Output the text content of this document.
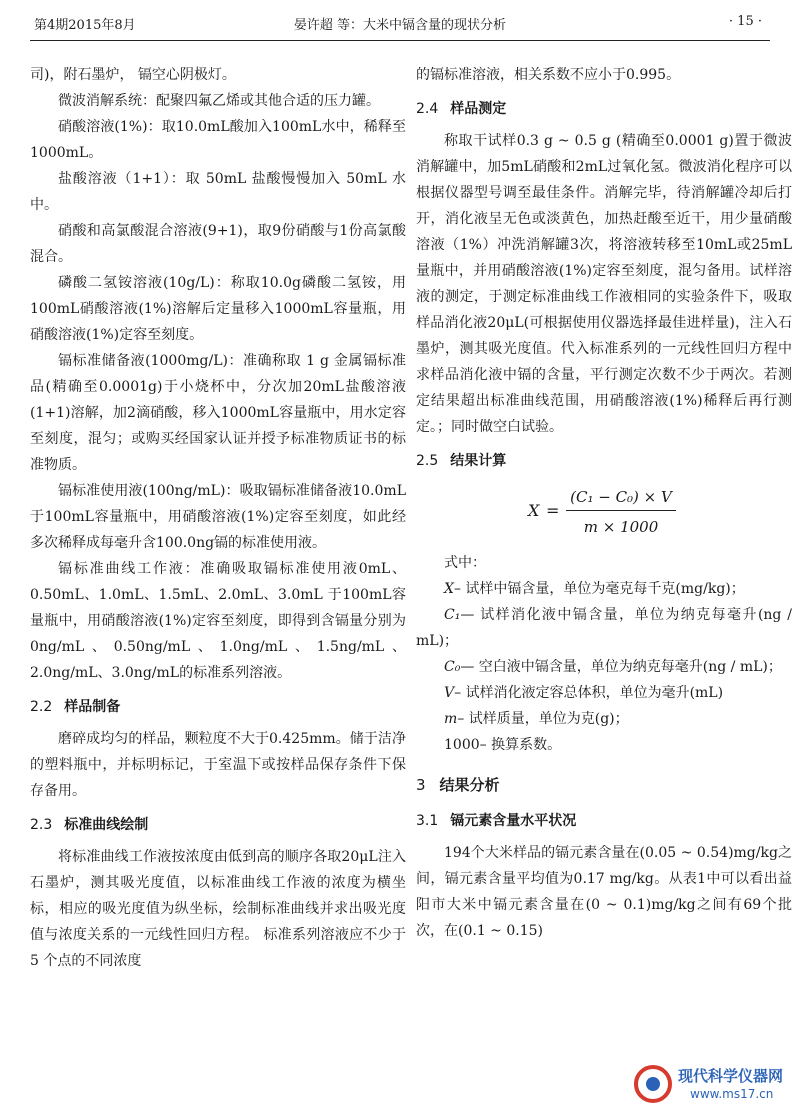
第4期2015年8月	晏许超 等：大米中镉含量的现状分析	· 15 ·

司)，附石墨炉， 镉空心阴极灯。

微波消解系统：配聚四氟乙烯或其他合适的压力罐。

硝酸溶液(1%)：取10.0mL酸加入100mL水中，稀释至1000mL。

盐酸溶液（1+1）：取 50mL 盐酸慢慢加入 50mL 水中。

硝酸和高氯酸混合溶液(9+1)，取9份硝酸与1份高氯酸混合。

磷酸二氢铵溶液(10g/L)：称取10.0g磷酸二氢铵，用100mL硝酸溶液(1%)溶解后定量移入1000mL容量瓶，用硝酸溶液(1%)定容至刻度。

镉标准储备液(1000mg/L)：准确称取 1 g 金属镉标准品(精确至0.0001g)于小烧杯中，分次加20mL盐酸溶液(1+1)溶解，加2滴硝酸，移入1000mL容量瓶中，用水定容至刻度，混匀；或购买经国家认证并授予标准物质证书的标准物质。

镉标准使用液(100ng/mL)：吸取镉标准储备液10.0mL于100mL容量瓶中，用硝酸溶液(1%)定容至刻度，如此经多次稀释成每毫升含100.0ng镉的标准使用液。

镉标准曲线工作液：准确吸取镉标准使用液0mL、0.50mL、1.0mL、1.5mL、2.0mL、3.0mL 于100mL容量瓶中，用硝酸溶液(1%)定容至刻度，即得到含镉量分别为0ng/mL、0.50ng/mL、1.0ng/mL、1.5ng/mL、2.0ng/mL、3.0ng/mL的标准系列溶液。

2.2 样品制备

磨碎成均匀的样品，颗粒度不大于0.425mm。储于洁净的塑料瓶中，并标明标记，于室温下或按样品保存条件下保存备用。

2.3 标准曲线绘制

将标准曲线工作液按浓度由低到高的顺序各取20μL注入石墨炉，测其吸光度值，以标准曲线工作液的浓度为横坐标，相应的吸光度值为纵坐标，绘制标准曲线并求出吸光度值与浓度关系的一元线性回归方程。 标准系列溶液应不少于 5 个点的不同浓度

的镉标准溶液，相关系数不应小于0.995。

2.4 样品测定

称取干试样0.3 g ~ 0.5 g (精确至0.0001 g)置于微波消解罐中，加5mL硝酸和2mL过氧化氢。微波消化程序可以根据仪器型号调至最佳条件。消解完毕，待消解罐冷却后打开，消化液呈无色或淡黄色，加热赶酸至近干，用少量硝酸溶液（1%）冲洗消解罐3次，将溶液转移至10mL或25mL量瓶中，并用硝酸溶液(1%)定容至刻度，混匀备用。试样溶液的测定，于测定标准曲线工作液相同的实验条件下，吸取样品消化液20μL(可根据使用仪器选择最佳进样量)，注入石墨炉，测其吸光度值。代入标准系列的一元线性回归方程中求样品消化液中镉的含量，平行测定次数不少于两次。若测定结果超出标准曲线范围，用硝酸溶液(1%)稀释后再行测定。；同时做空白试验。

2.5 结果计算
X =
(C₁ − C₀) × V
m × 1000

式中：

X– 试样中镉含量，单位为毫克每千克(mg/kg)；

C₁— 试样消化液中镉含量，单位为纳克每毫升(ng / mL)；

C₀— 空白液中镉含量，单位为纳克每毫升(ng / mL)；

V– 试样消化液定容总体积，单位为毫升(mL)

m– 试样质量，单位为克(g)；

1000– 换算系数。

3 结果分析
3.1 镉元素含量水平状况

194个大米样品的镉元素含量在(0.05 ~ 0.54)mg/kg之间，镉元素含量平均值为0.17 mg/kg。从表1中可以看出益阳市大米中镉元素含量在(0 ~ 0.1)mg/kg之间有69个批次，在(0.1 ~ 0.15)

现代科学仪器网
www.ms17.cn
